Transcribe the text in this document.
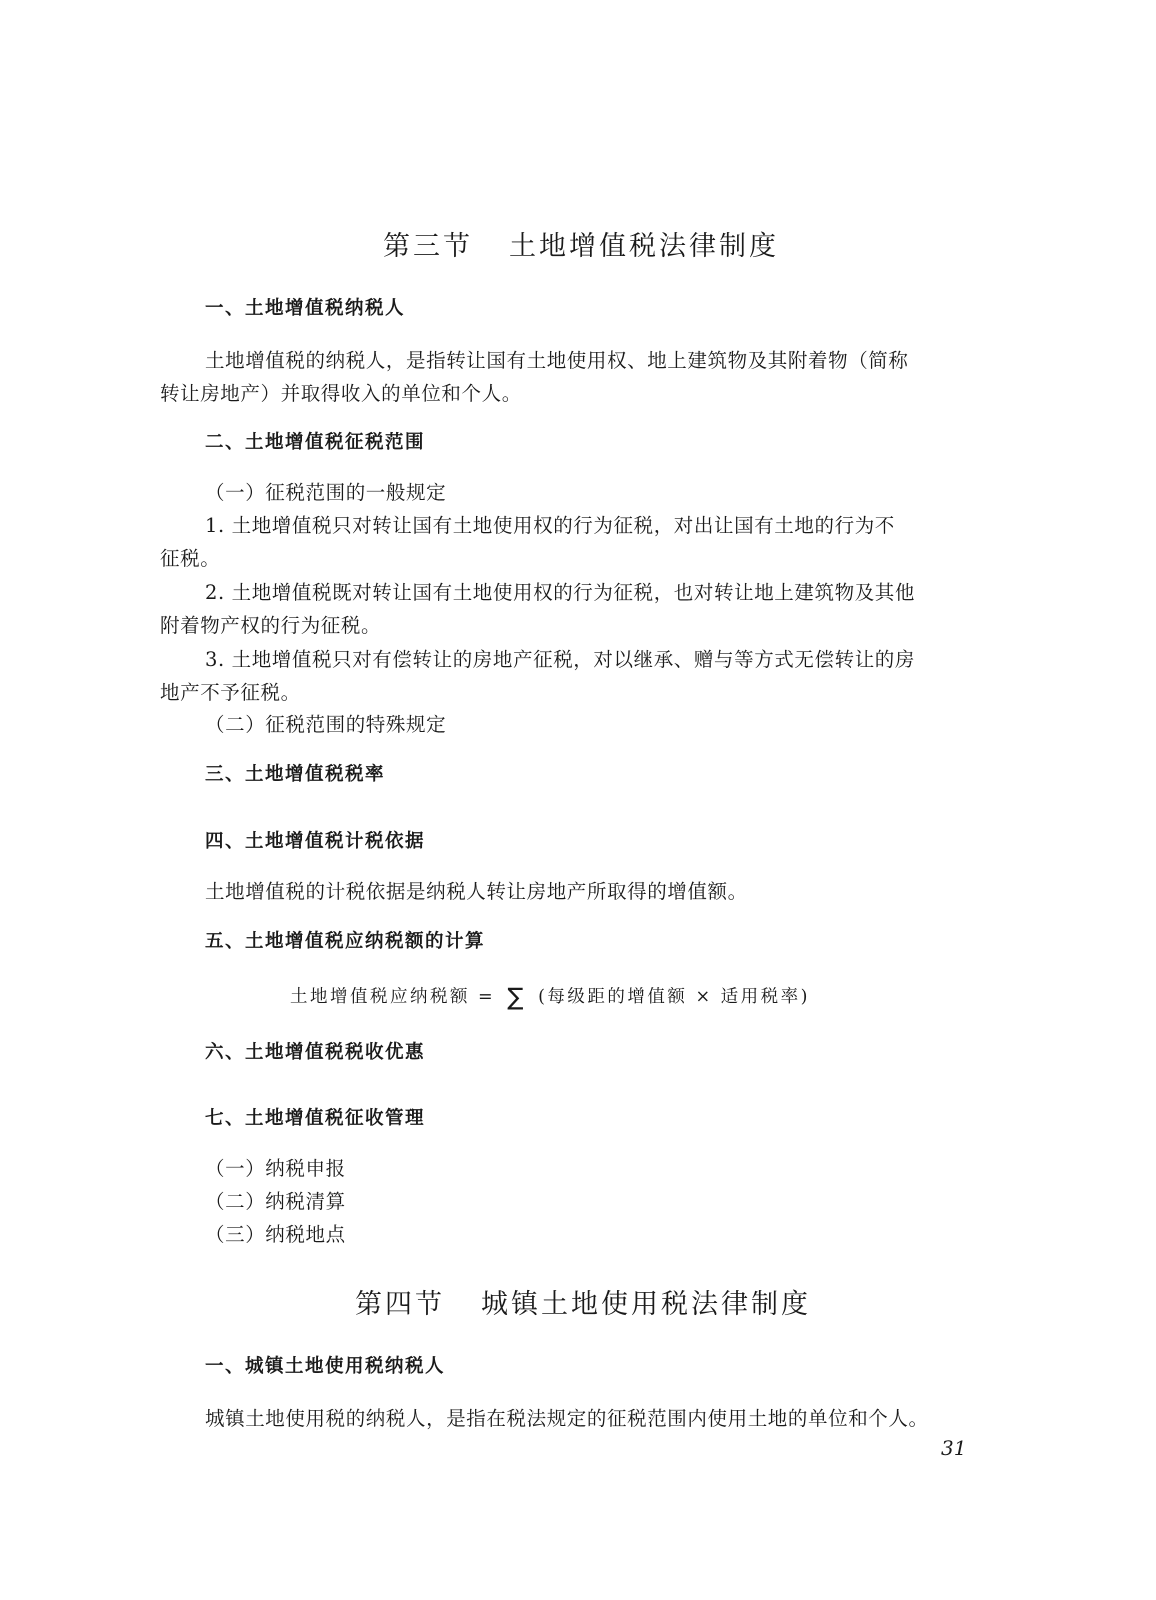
第三节 土地增值税法律制度
一、土地增值税纳税人
土地增值税的纳税人，是指转让国有土地使用权、地上建筑物及其附着物（简称
转让房地产）并取得收入的单位和个人。
二、土地增值税征税范围
（一）征税范围的一般规定
1. 土地增值税只对转让国有土地使用权的行为征税，对出让国有土地的行为不
征税。
2. 土地增值税既对转让国有土地使用权的行为征税，也对转让地上建筑物及其他
附着物产权的行为征税。
3. 土地增值税只对有偿转让的房地产征税，对以继承、赠与等方式无偿转让的房
地产不予征税。
（二）征税范围的特殊规定
三、土地增值税税率
四、土地增值税计税依据
土地增值税的计税依据是纳税人转让房地产所取得的增值额。
五、土地增值税应纳税额的计算
土地增值税应纳税额 = ∑ (每级距的增值额 × 适用税率)
六、土地增值税税收优惠
七、土地增值税征收管理
（一）纳税申报
（二）纳税清算
（三）纳税地点
第四节 城镇土地使用税法律制度
一、城镇土地使用税纳税人
城镇土地使用税的纳税人，是指在税法规定的征税范围内使用土地的单位和个人。
31
